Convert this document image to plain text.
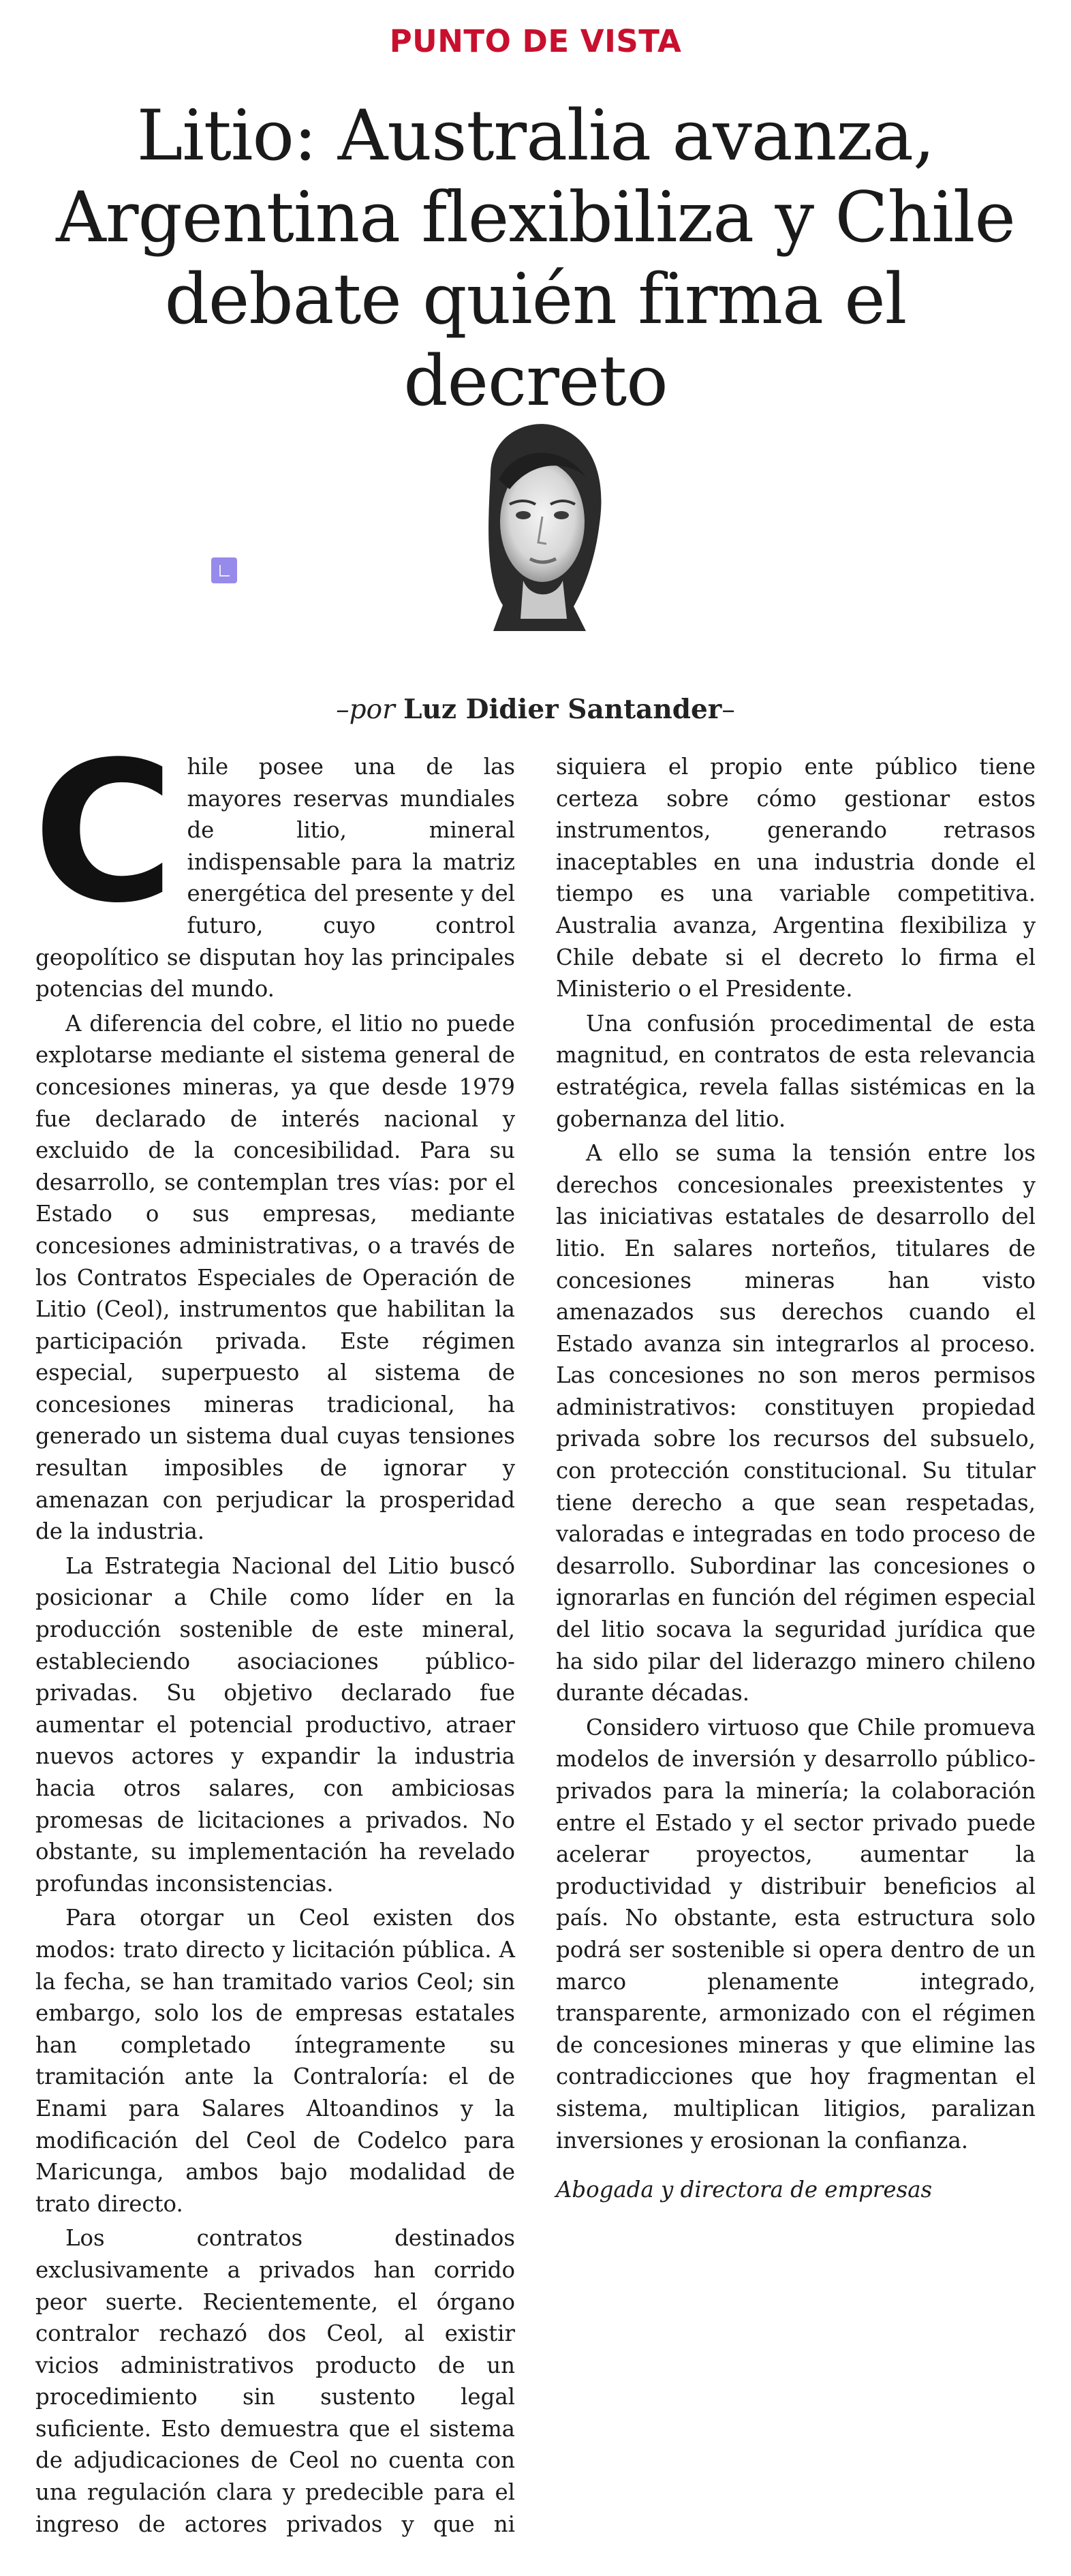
PUNTO DE VISTA
Litio: Australia avanza, Argentina flexibiliza y Chile debate quién firma el decreto
–por Luz Didier Santander–

Chile posee una de las mayores reservas mundiales de litio, mineral indispensable para la matriz energética del presente y del futuro, cuyo control geopolítico se disputan hoy las principales potencias del mundo.

A diferencia del cobre, el litio no puede explotarse mediante el sistema general de concesiones mineras, ya que desde 1979 fue declarado de interés nacional y excluido de la concesibilidad. Para su desarrollo, se contemplan tres vías: por el Estado o sus empresas, mediante concesiones administrativas, o a través de los Contratos Especiales de Operación de Litio (Ceol), instrumentos que habilitan la participación privada. Este régimen especial, superpuesto al sistema de concesiones mineras tradicional, ha generado un sistema dual cuyas tensiones resultan imposibles de ignorar y amenazan con perjudicar la prosperidad de la industria.

La Estrategia Nacional del Litio buscó posicionar a Chile como líder en la producción sostenible de este mineral, estableciendo asociaciones público-privadas. Su objetivo declarado fue aumentar el potencial productivo, atraer nuevos actores y expandir la industria hacia otros salares, con ambiciosas promesas de licitaciones a privados. No obstante, su implementación ha revelado profundas inconsistencias.

Para otorgar un Ceol existen dos modos: trato directo y licitación pública. A la fecha, se han tramitado varios Ceol; sin embargo, solo los de empresas estatales han completado íntegramente su tramitación ante la Contraloría: el de Enami para Salares Altoandinos y la modificación del Ceol de Codelco para Maricunga, ambos bajo modalidad de trato directo.

Los contratos destinados exclusivamente a privados han corrido peor suerte. Recientemente, el órgano contralor rechazó dos Ceol, al existir vicios administrativos producto de un procedimiento sin sustento legal suficiente. Esto demuestra que el sistema de adjudicaciones de Ceol no cuenta con una regulación clara y predecible para el ingreso de actores privados y que ni siquiera el propio ente público tiene certeza sobre cómo gestionar estos instrumentos, generando retrasos inaceptables en una industria donde el tiempo es una variable competitiva. Australia avanza, Argentina flexibiliza y Chile debate si el decreto lo firma el Ministerio o el Presidente.

Una confusión procedimental de esta magnitud, en contratos de esta relevancia estratégica, revela fallas sistémicas en la gobernanza del litio.

A ello se suma la tensión entre los derechos concesionales preexistentes y las iniciativas estatales de desarrollo del litio. En salares norteños, titulares de concesiones mineras han visto amenazados sus derechos cuando el Estado avanza sin integrarlos al proceso. Las concesiones no son meros permisos administrativos: constituyen propiedad privada sobre los recursos del subsuelo, con protección constitucional. Su titular tiene derecho a que sean respetadas, valoradas e integradas en todo proceso de desarrollo. Subordinar las concesiones o ignorarlas en función del régimen especial del litio socava la seguridad jurídica que ha sido pilar del liderazgo minero chileno durante décadas.

Considero virtuoso que Chile promueva modelos de inversión y desarrollo público-privados para la minería; la colaboración entre el Estado y el sector privado puede acelerar proyectos, aumentar la productividad y distribuir beneficios al país. No obstante, esta estructura solo podrá ser sostenible si opera dentro de un marco plenamente integrado, transparente, armonizado con el régimen de concesiones mineras y que elimine las contradicciones que hoy fragmentan el sistema, multiplican litigios, paralizan inversiones y erosionan la confianza.

Abogada y directora de empresas
